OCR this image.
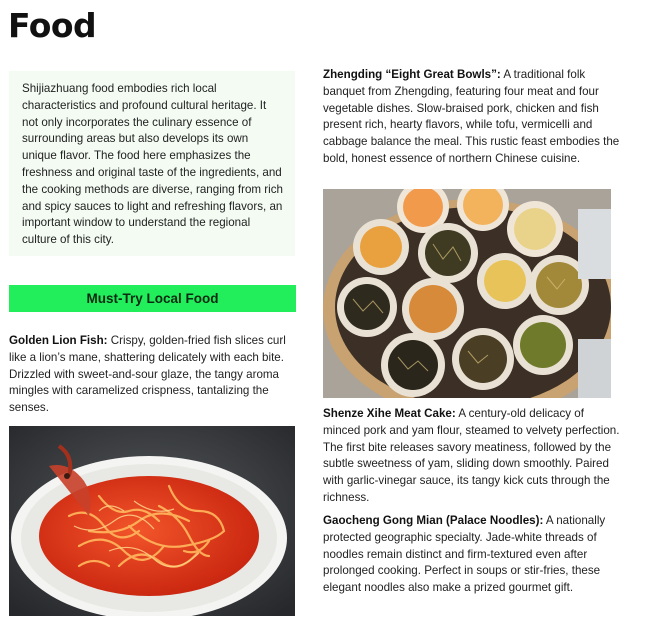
Food
Shijiazhuang food embodies rich local characteristics and profound cultural heritage. It not only incorporates the culinary essence of surrounding areas but also develops its own unique flavor. The food here emphasizes the freshness and original taste of the ingredients, and the cooking methods are diverse, ranging from rich and spicy sauces to light and refreshing flavors, an important window to understand the regional culture of this city.
Must-Try Local Food
Golden Lion Fish: Crispy, golden-fried fish slices curl like a lion’s mane, shattering delicately with each bite. Drizzled with sweet-and-sour glaze, the tangy aroma mingles with caramelized crispness, tantalizing the senses.
Zhengding “Eight Great Bowls”: A traditional folk banquet from Zhengding, featuring four meat and four vegetable dishes. Slow-braised pork, chicken and fish present rich, hearty flavors, while tofu, vermicelli and cabbage balance the meal. This rustic feast embodies the bold, honest essence of northern Chinese cuisine.
Shenze Xihe Meat Cake: A century-old delicacy of minced pork and yam flour, steamed to velvety perfection. The first bite releases savory meatiness, followed by the subtle sweetness of yam, sliding down smoothly. Paired with garlic-vinegar sauce, its tangy kick cuts through the richness.
Gaocheng Gong Mian (Palace Noodles): A nationally protected geographic specialty. Jade-white threads of noodles remain distinct and firm-textured even after prolonged cooking. Perfect in soups or stir-fries, these elegant noodles also make a prized gourmet gift.
